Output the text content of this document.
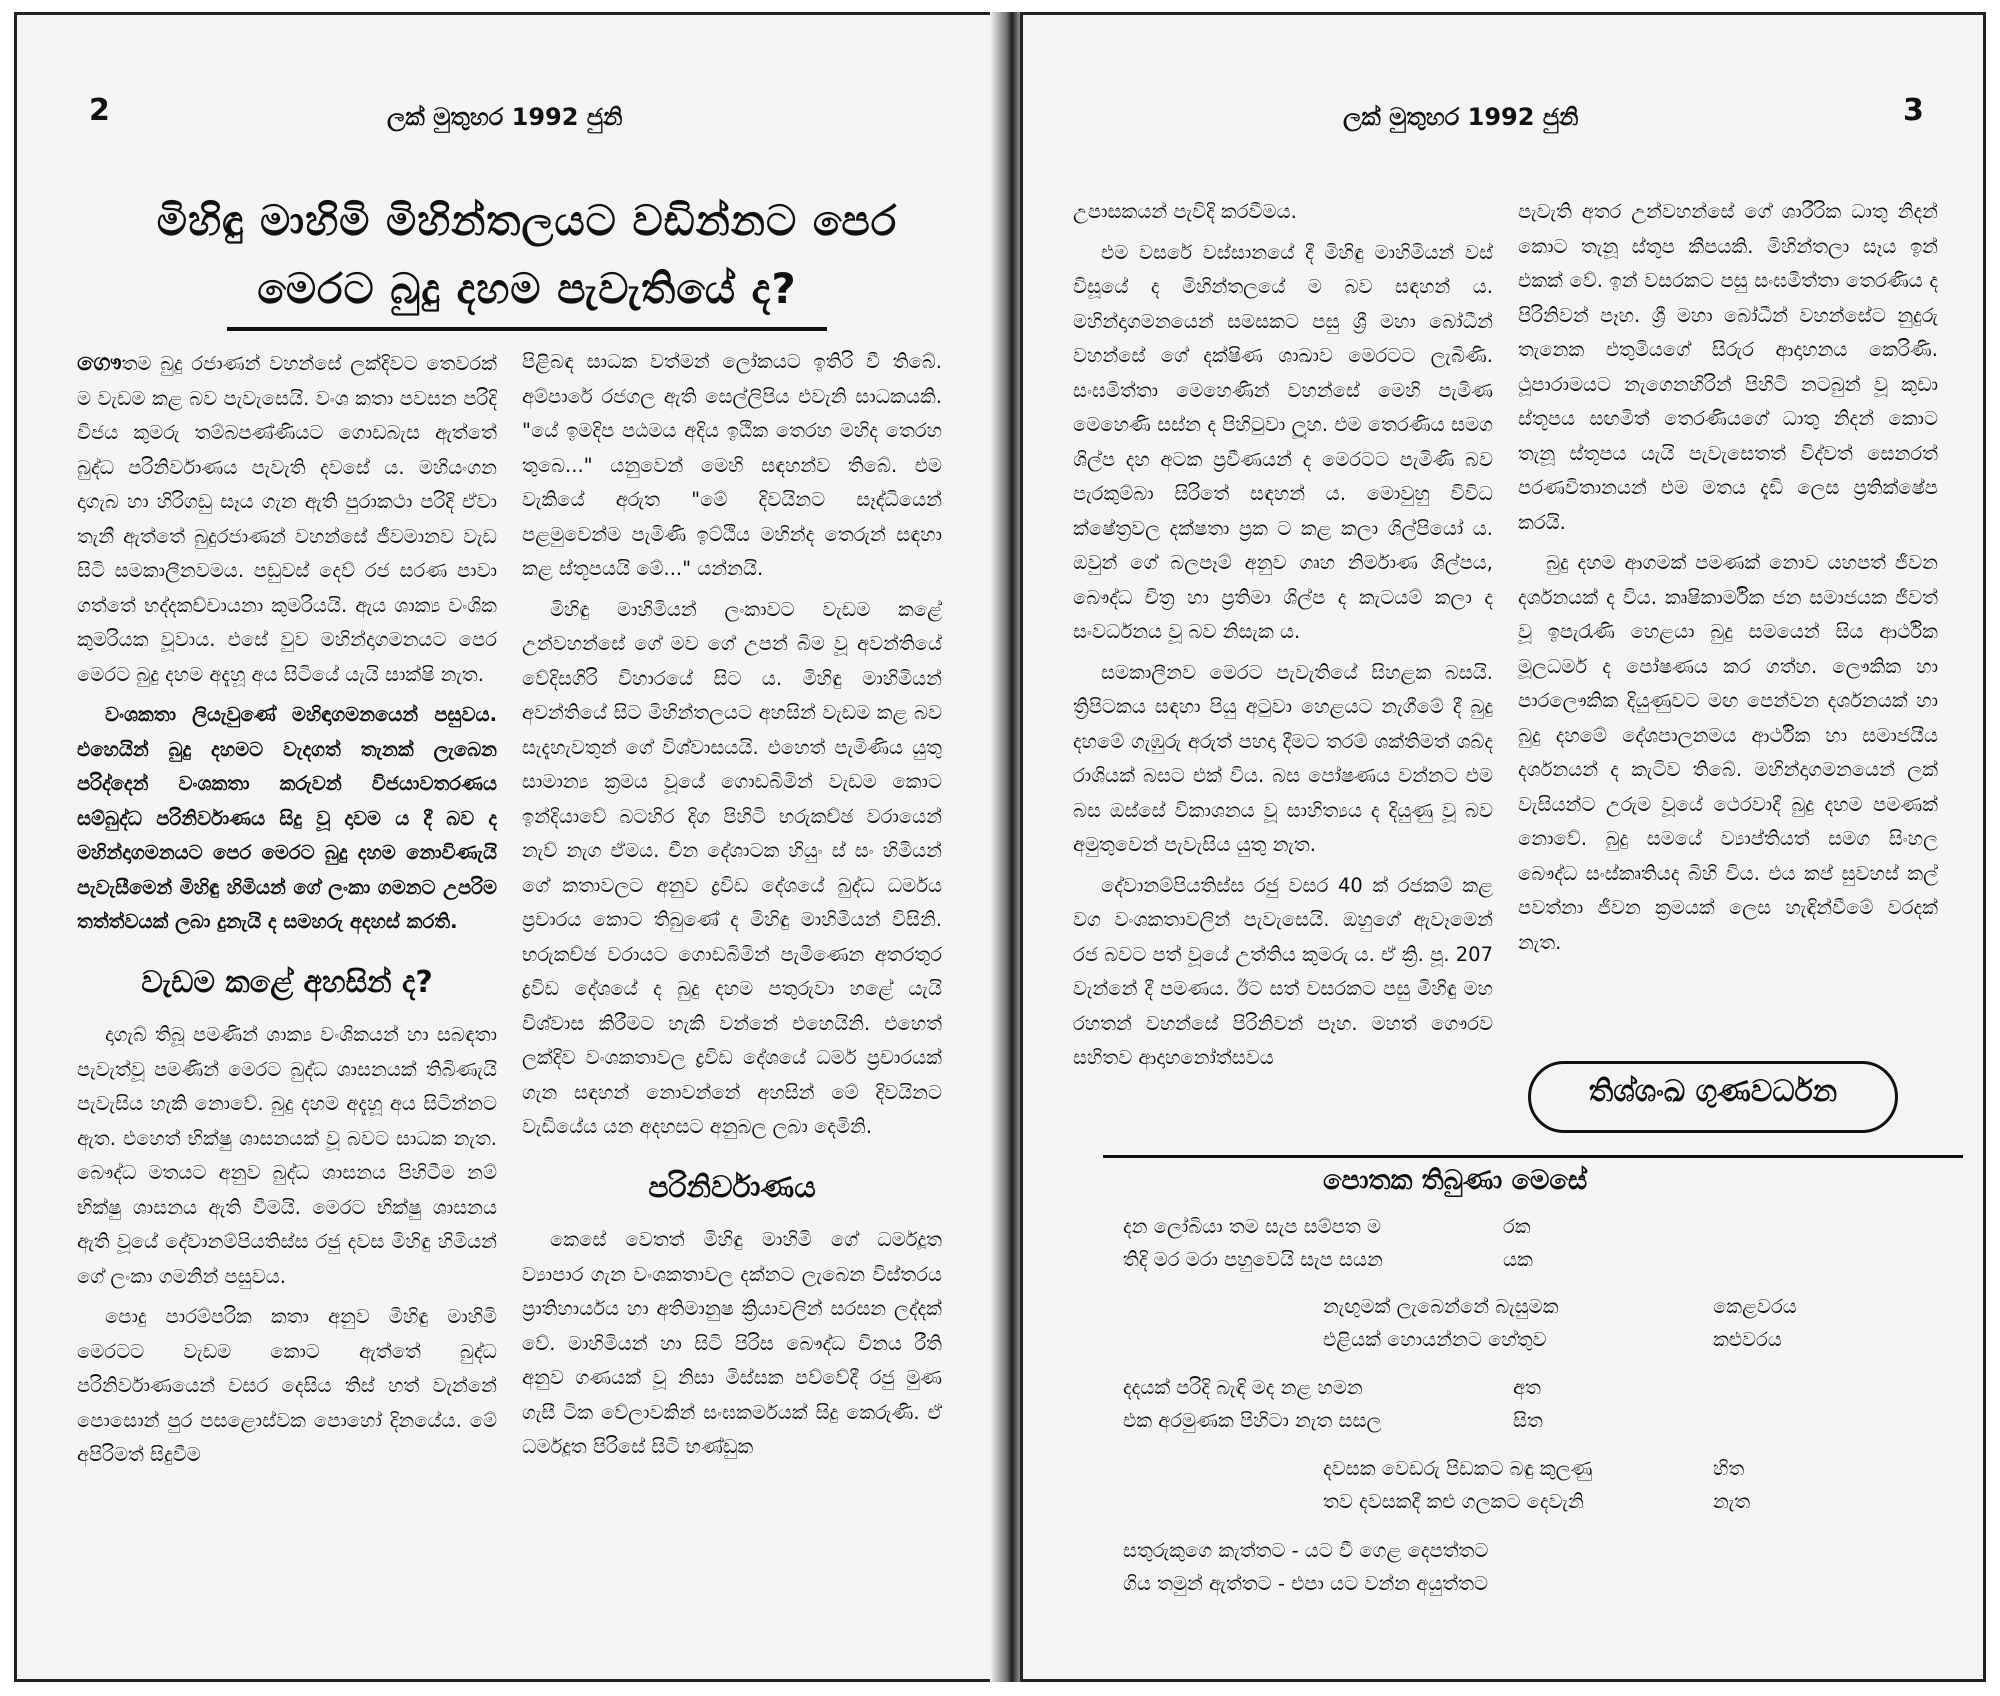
2	ලක් මුතුහර 1992 ජුනි
මිහිඳු මාහිමි මිහින්තලයට වඩින්නට පෙර
මෙරට බුදු දහම පැවැතියේ ද?

ගෞතම බුදු රජාණන් වහන්සේ ලක්දිවට තෙවරක් ම වැඩම කළ බව පැවැසෙයි. වංශ කතා පවසන පරිදි විජය කුමරු තම්බපණ්ණියට ගොඩබැස ඇත්තේ බුද්ධ පරිනිර්වාණය පැවැති දවසේ ය. මහියංගන දාගැබ හා හිරිගඩු සෑය ගැන ඇති පුරාකථා පරිදි ඒවා තැනී ඇත්තේ බුදුරජාණන් වහන්සේ ජීවමානව වැඩ සිටි සමකාලීනවමය. පඩුවස් දෙව් රජ සරණ පාවා ගත්තේ භද්දකච්චායනා කුමරියයි. ඇය ශාක්‍ය වංශික කුමරියක වූවාය. එසේ වුව මහින්දාගමනයට පෙර මෙරට බුදු දහම අදැහූ අය සිටියේ යැයි සාක්ෂි නැත.

වංශකතා ලියැවුණේ මහිඳාගමනයෙන් පසුවය. එහෙයින් බුදු දහමට වැදගත් තැනක් ලැබෙන පරිද්දෙන් වංශකතා කරුවන් විජයාවතරණය සම්බුද්ධ පරිනිර්වාණය සිදු වූ දාවම ය දී බව ද මහින්දාගමනයට පෙර මෙරට බුදු දහම නොවිණැයි පැවැසීමෙන් මිහිඳු හිමියන් ගේ ලංකා ගමනට උපරිම තත්ත්වයක් ලබා දුනැයි ද සමහරු අදහස් කරති.

වැඩම කළේ අහසින් ද?

දාගැබ් තිබූ පමණින් ශාක්‍ය වංශිකයන් හා සබඳතා පැවැත්වූ පමණින් මෙරට බුද්ධ ශාසනයක් තිබිණැයි පැවැසිය හැකි නොවේ. බුදු දහම අදැහූ අය සිටින්නට ඇත. එහෙත් භික්ෂු ශාසනයක් වූ බවට සාධක නැත. බෞද්ධ මතයට අනුව බුද්ධ ශාසනය පිහිටීම නම් භික්ෂු ශාසනය ඇති වීමයි. මෙරට භික්ෂු ශාසනය ඇති වූයේ දේවානම්පියතිස්ස රජු දවස මිහිඳු හිමියන් ගේ ලංකා ගමනින් පසුවය.

පොදු පාරම්පරික කතා අනුව මිහිඳු මාහිමි මෙරටට වැඩම කොට ඇත්තේ බුද්ධ පරිනිර්වාණයෙන් වසර දෙසිය තිස් හත් වැන්නේ පොසොන් පුර පසළොස්වක පොහෝ දිනයේය. මේ අපිරිමත් සිදුවීම

පිළිබඳ සාධක වත්මන් ලෝකයට ඉතිරි වී තිබේ. අම්පාරේ රජගල ඇති සෙල්ලිපිය එවැනි සාධකයකි. "යේ ඉමදිප පඨමය අදිය ඉඨික තෙරහ මහිද තෙරහ තුබෙ..." යනුවෙන් මෙහි සඳහන්ව තිබේ. එම වැකියේ අරුත "මේ දිවයිනට සෑද්ධියෙන් පළමුවෙන්ම පැමිණි ඉට්ඨිය මහින්ද තෙරුන් සඳහා කළ ස්තූපයයි මේ..." යන්නයි.

මිහිඳු මාහිමියන් ලංකාවට වැඩම කළේ උන්වහන්සේ ගේ මව ගේ උපන් බිම වූ අවන්තියේ වේදිසගිරි විහාරයේ සිට ය. මිහිඳු මාහිමියන් අවන්තියේ සිට මිහින්තලයට අහසින් වැඩම කළ බව සැදැහැවතුන් ගේ විශ්වාසයයි. එහෙත් පැමිණිය යුතු සාමාන්‍ය ක්‍රමය වූයේ ගොඩබිමින් වැඩම කොට ඉන්දියාවේ බටහිර දිග පිහිටි භරුකච්ඡ වරායෙන් නැව් නැග ඒමය. චීන දේශාටක හියුං ස් සං හිමියන් ගේ කතාවලට අනුව ද්‍රවිඩ දේශයේ බුද්ධ ධර්මය ප්‍රචාරය කොට තිබුණේ ද මිහිඳු මාහිමියන් විසිනි. භරුකච්ඡ වරායට ගොඩබිමින් පැමිණෙන අතරතුර ද්‍රවිඩ දේශයේ ද බුදු දහම පතුරුවා හළේ යැයි විශ්වාස කිරීමට හැකි වන්නේ එහෙයිනි. එහෙත් ලක්දිව වංශකතාවල ද්‍රවිඩ දේශයේ ධර්ම ප්‍රචාරයක් ගැන සඳහන් නොවන්නේ අහසින් මේ දිවයිනට වැඩියේය යන අදහසට අනුබල ලබා දෙමිනි.

පරිනිර්වාණය

කෙසේ වෙතත් මිහිඳු මාහිමි ගේ ධර්මදූත ව්‍යාපාර ගැන වංශකතාවල දක්නට ලැබෙන විස්තරය ප්‍රාතිහාර්යය හා අතිමානුෂ ක්‍රියාවලින් සරසන ලද්දක් වේ. මාහිමියන් හා සිටි පිරිස බෞද්ධ විනය රීති අනුව ගණයක් වූ නිසා මිස්සක පව්වේදී රජු මුණ ගැසී ටික වේලාවකින් සංඝකර්මයක් සිදු කෙරුණි. ඒ ධර්මදූත පිරිසේ සිටි භණ්ඩුක

ලක් මුතුහර 1992 ජුනි	3

උපාසකයන් පැවිදි කරවීමය.

එම වසරේ වස්සානයේ දී මිහිඳු මාහිමියන් වස් විසූයේ ද මිහින්තලයේ ම බව සඳහන් ය. මහින්දාගමනයෙන් සමසකට පසු ශ්‍රී මහා බෝධීන් වහන්සේ ගේ දක්ෂිණ ශාඛාව මෙරටට ලැබිණි. සංඝමිත්තා මෙහෙණින් වහන්සේ මෙහි පැමිණ මෙහෙණි සස්න ද පිහිටුවා ලූහ. එම තෙරණිය සමග ශිල්ප දහ අටක ප්‍රවීණයන් ද මෙරටට පැමිණි බව පැරකුම්බා සිරිතේ සඳහන් ය. මොවුහු විවිධ ක්ෂේත්‍රවල දක්ෂතා ප්‍රක ට කළ කලා ශිල්පියෝ ය. ඔවුන් ගේ බලපෑම් අනුව ගෘහ නිර්මාණ ශිල්පය, බෞද්ධ චිත්‍ර හා ප්‍රතිමා ශිල්ප ද කැටයම් කලා ද සංවර්ධනය වූ බව නිසැක ය.

සමකාලීනව මෙරට පැවැතියේ සිහළක බසයි. ත්‍රිපිටකය සඳහා පියු අටුවා හෙළයට නැගීමේ දී බුදු දහමේ ගැඹුරු අරුත් පහදා දීමට තරම් ශක්තිමත් ශබ්ද රාශියක් බසට එක් විය. බස පෝෂණය වන්නට එම බස ඔස්සේ විකාශනය වූ සාහිත්‍යය ද දියුණු වූ බව අමුතුවෙන් පැවැසිය යුතු නැත.

දේවානම්පියතිස්ස රජු වසර 40 ක් රජකම් කළ වග වංශකතාවලින් පැවැසෙයි. ඔහුගේ ඇවෑමෙන් රජ බවට පත් වූයේ උත්තිය කුමරු ය. ඒ ක්‍රි. පූ. 207 වැන්නේ දී පමණය. ඊට සත් වසරකට පසු මිහිඳු මහ රහතන් වහන්සේ පිරිනිවන් පෑහ. මහත් ගෞරව සහිතව ආදාහනෝත්සවය

පැවැති අතර උන්වහන්සේ ගේ ශාරීරික ධාතු නිදන් කොට තැනූ ස්තූප කීපයකි. මිහින්තලා සෑය ඉන් එකක් වේ. ඉන් වසරකට පසු සංඝමිත්තා තෙරණිය ද පිරිනිවන් පෑහ. ශ්‍රී මහා බෝධීන් වහන්සේට නුදුරු තැනෙක එතුමියගේ සිරුර ආදාහනය කෙරිණි. ථූපාරාමයට නැගෙනහිරින් පිහිටි නටබුන් වූ කුඩා ස්තූපය සඟමිත් තෙරණියගේ ධාතු නිදන් කොට තැනූ ස්තූපය යැයි පැවැසෙතත් විද්වත් සෙනරත් පරණවිතානයන් එම මතය දැඩි ලෙස ප්‍රතික්ෂේප කරයි.

බුදු දහම ආගමක් පමණක් නොව යහපත් ජීවන දර්ශනයක් ද විය. කෘෂිකාර්මික ජන සමාජයක ජීවත් වූ ඉපැරැණි හෙළයා බුදු සමයෙන් සිය ආර්ථික මූලධර්ම ද පෝෂණය කර ගත්හ. ලෞකික හා පාරලෞකික දියුණුවට මඟ පෙන්වන දර්ශනයක් හා බුදු දහමේ දේශපාලනමය ආර්ථික හා සමාජයීය දර්ශනයන් ද කැටිව තිබේ. මහින්දාගමනයෙන් ලක් වැසියන්ට උරුම වූයේ ථෙරවාදී බුදු දහම පමණක් නොවේ. බුදු සමයේ ව්‍යාප්තියත් සමග සිංහල බෞද්ධ සංස්කෘතියද බිහි විය. එය කප් සුවහස් කල් පවත්නා ජීවන ක්‍රමයක් ලෙස හැඳින්වීමේ වරදක් නැත.

තිශ්ශංඛ ගුණවර්ධන
පොතක තිබුණා මෙසේ
දන ලෝබියා තම සැප සම්පත ම	රක
තිදි මර මරා පහුවෙයි සැප සයන	යක
නැඟුමක් ලැබෙන්නේ බැසුමක	කෙළවරය
එළියක් හොයන්නට හේතුව	කළුවරය
දදයක් පරිදි බැඳි මද නළ හමන	අත
එක අරමුණක පිහිටා නැත සසල	සිත
දවසක වෙඩරු පිඩකට බඳු කුලණු	හිත
තව දවසකදී කළු ගලකට දෙවැනි	නැත
සතුරුකුගෙ කැත්තට - යට වී ගෙළ දෙපත්තට
ගිය තමුන් ඇත්තට - එපා යට වන්න අයුත්තට
